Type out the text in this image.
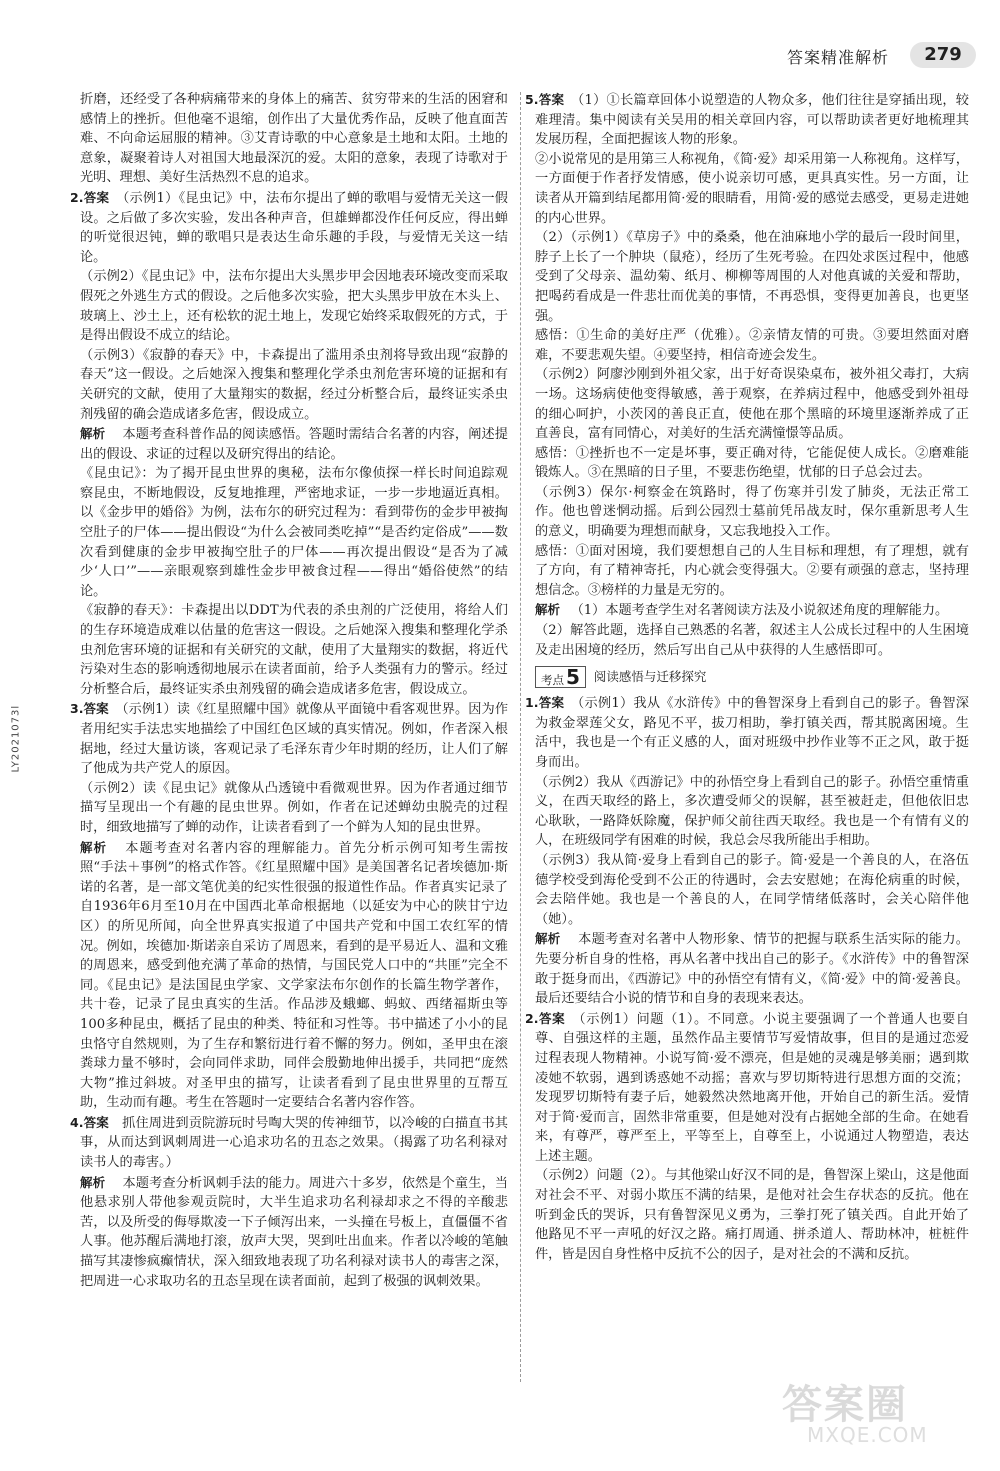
答案精准解析	279
LY2021073l

折磨，还经受了各种病痛带来的身体上的痛苦、贫穷带来的生活的困窘和感情上的挫折。但他毫不退缩，创作出了大量优秀作品，反映了他直面苦难、不向命运屈服的精神。③艾青诗歌的中心意象是土地和太阳。土地的意象，凝聚着诗人对祖国大地最深沉的爱。太阳的意象，表现了诗歌对于光明、理想、美好生活热烈不息的追求。

2.答案　 （示例1）《昆虫记》中，法布尔提出了蝉的歌唱与爱情无关这一假设。之后做了多次实验，发出各种声音，但雄蝉都没作任何反应，得出蝉的听觉很迟钝，蝉的歌唱只是表达生命乐趣的手段，与爱情无关这一结论。

（示例2）《昆虫记》中，法布尔提出大头黑步甲会因地表环境改变而采取假死之外逃生方式的假设。之后他多次实验，把大头黑步甲放在木头上、玻璃上、沙土上，还有松软的泥土地上，发现它始终采取假死的方式，于是得出假设不成立的结论。

（示例3）《寂静的春天》中，卡森提出了滥用杀虫剂将导致出现“寂静的春天”这一假设。之后她深入搜集和整理化学杀虫剂危害环境的证据和有关研究的文献，使用了大量翔实的数据，经过分析整合后，最终证实杀虫剂残留的确会造成诸多危害，假设成立。

解析　 本题考查科普作品的阅读感悟。答题时需结合名著的内容，阐述提出的假设、求证的过程以及研究得出的结论。

《昆虫记》：为了揭开昆虫世界的奥秘，法布尔像侦探一样长时间追踪观察昆虫，不断地假设，反复地推理，严密地求证，一步一步地逼近真相。以《金步甲的婚俗》为例，法布尔的研究过程为：看到带伤的金步甲被掏空肚子的尸体——提出假设“为什么会被同类吃掉”“是否约定俗成”——数次看到健康的金步甲被掏空肚子的尸体——再次提出假设“是否为了减少‘人口’”——亲眼观察到雄性金步甲被食过程——得出“婚俗使然”的结论。

《寂静的春天》：卡森提出以DDT为代表的杀虫剂的广泛使用，将给人们的生存环境造成难以估量的危害这一假设。之后她深入搜集和整理化学杀虫剂危害环境的证据和有关研究的文献，使用了大量翔实的数据，将近代污染对生态的影响透彻地展示在读者面前，给予人类强有力的警示。经过分析整合后，最终证实杀虫剂残留的确会造成诸多危害，假设成立。

3.答案　 （示例1）读《红星照耀中国》就像从平面镜中看客观世界。因为作者用纪实手法忠实地描绘了中国红色区域的真实情况。例如，作者深入根据地，经过大量访谈，客观记录了毛泽东青少年时期的经历，让人们了解了他成为共产党人的原因。

（示例2）读《昆虫记》就像从凸透镜中看微观世界。因为作者通过细节描写呈现出一个有趣的昆虫世界。例如，作者在记述蝉幼虫脱壳的过程时，细致地描写了蝉的动作，让读者看到了一个鲜为人知的昆虫世界。

解析　 本题考查对名著内容的理解能力。首先分析示例可知考生需按照“手法＋事例”的格式作答。《红星照耀中国》是美国著名记者埃德加·斯诺的名著，是一部文笔优美的纪实性很强的报道性作品。作者真实记录了自1936年6月至10月在中国西北革命根据地（以延安为中心的陕甘宁边区）的所见所闻，向全世界真实报道了中国共产党和中国工农红军的情况。例如，埃德加·斯诺亲自采访了周恩来，看到的是平易近人、温和文雅的周恩来，感受到他充满了革命的热情，与国民党人口中的“共匪”完全不同。《昆虫记》是法国昆虫学家、文学家法布尔创作的长篇生物学著作，共十卷，记录了昆虫真实的生活。作品涉及蛾螂、蚂蚁、西绪福斯虫等100多种昆虫，概括了昆虫的种类、特征和习性等。书中描述了小小的昆虫恪守自然规则，为了生存和繁衍进行着不懈的努力。例如，圣甲虫在滚粪球力量不够时，会向同伴求助，同伴会殷勤地伸出援手，共同把“庞然大物”推过斜坡。对圣甲虫的描写，让读者看到了昆虫世界里的互帮互助，生动而有趣。考生在答题时一定要结合名著内容作答。

4.答案　 抓住周进到贡院游玩时号啕大哭的传神细节，以冷峻的白描直书其事，从而达到讽刺周进一心追求功名的丑态之效果。（揭露了功名利禄对读书人的毒害。）

解析　 本题考查分析讽刺手法的能力。周进六十多岁，依然是个童生，当他悬求别人带他参观贡院时，大半生追求功名利禄却求之不得的辛酸悲苦，以及所受的侮辱欺凌一下子倾泻出来，一头撞在号板上，直僵僵不省人事。他苏醒后满地打滚，放声大哭，哭到吐出血来。作者以冷峻的笔触描写其凄惨疯癫情状，深入细致地表现了功名利禄对读书人的毒害之深，把周进一心求取功名的丑态呈现在读者面前，起到了极强的讽刺效果。

5.答案　 （1）①长篇章回体小说塑造的人物众多，他们往往是穿插出现，较难理清。集中阅读有关吴用的相关章回内容，可以帮助读者更好地梳理其发展历程，全面把握该人物的形象。

②小说常见的是用第三人称视角，《简·爱》却采用第一人称视角。这样写，一方面便于作者抒发情感，使小说亲切可感，更具真实性。另一方面，让读者从开篇到结尾都用简·爱的眼睛看，用简·爱的感觉去感受，更易走进她的内心世界。

（2）（示例1）《草房子》中的桑桑，他在油麻地小学的最后一段时间里，脖子上长了一个肿块（鼠疮），经历了生死考验。在四处求医过程中，他感受到了父母亲、温幼菊、纸月、柳柳等周围的人对他真诚的关爱和帮助，把喝药看成是一件悲壮而优美的事情，不再恐惧，变得更加善良，也更坚强。

感悟：①生命的美好庄严（优雅）。②亲情友情的可贵。③要坦然面对磨难，不要悲观失望。④要坚持，相信奇迹会发生。

（示例2）阿廖沙刚到外祖父家，出于好奇误染桌布，被外祖父毒打，大病一场。这场病使他变得敏感，善于观察，在养病过程中，他感受到外祖母的细心呵护，小茨冈的善良正直，使他在那个黑暗的环境里逐渐养成了正直善良，富有同情心，对美好的生活充满憧憬等品质。

感悟：①挫折也不一定是坏事，要正确对待，它能促使人成长。②磨难能锻炼人。③在黑暗的日子里，不要悲伤绝望，忧郁的日子总会过去。

（示例3）保尔·柯察金在筑路时，得了伤寒并引发了肺炎，无法正常工作。他也曾迷惘动摇。后到公园烈士墓前凭吊战友时，保尔重新思考人生的意义，明确要为理想而献身，又忘我地投入工作。

感悟：①面对困境，我们要想想自己的人生目标和理想，有了理想，就有了方向，有了精神寄托，内心就会变得强大。②要有顽强的意志，坚持理想信念。③榜样的力量是无穷的。

解析　 （1）本题考查学生对名著阅读方法及小说叙述角度的理解能力。

（2）解答此题，选择自己熟悉的名著，叙述主人公成长过程中的人生困境及走出困境的经历，然后写出自己从中获得的人生感悟即可。

考点 5 阅读感悟与迁移探究

1.答案　 （示例1）我从《水浒传》中的鲁智深身上看到自己的影子。鲁智深为救金翠莲父女，路见不平，拔刀相助，拳打镇关西，帮其脱离困境。生活中，我也是一个有正义感的人，面对班级中抄作业等不正之风，敢于挺身而出。

（示例2）我从《西游记》中的孙悟空身上看到自己的影子。孙悟空重情重义，在西天取经的路上，多次遭受师父的误解，甚至被赶走，但他依旧忠心耿耿，一路降妖除魔，保护师父前往西天取经。我也是一个有情有义的人，在班级同学有困难的时候，我总会尽我所能出手相助。

（示例3）我从简·爱身上看到自己的影子。简·爱是一个善良的人，在洛伍德学校受到海伦受到不公正的待遇时，会去安慰她；在海伦病重的时候，会去陪伴她。我也是一个善良的人，在同学情绪低落时，会关心陪伴他（她）。

解析　 本题考查对名著中人物形象、情节的把握与联系生活实际的能力。先要分析自身的性格，再从名著中找出自己的影子。《水浒传》中的鲁智深敢于挺身而出，《西游记》中的孙悟空有情有义，《简·爱》中的简·爱善良。最后还要结合小说的情节和自身的表现来表达。

2.答案　 （示例1）问题（1）。不同意。小说主要强调了一个普通人也要自尊、自强这样的主题，虽然作品主要情节写爱情故事，但目的是通过恋爱过程表现人物精神。小说写简·爱不漂亮，但是她的灵魂是够美丽；遇到欺凌她不软弱，遇到诱惑她不动摇；喜欢与罗切斯特进行思想方面的交流；发现罗切斯特有妻子后，她毅然决然地离开他，开始自己的新生活。爱情对于简·爱而言，固然非常重要，但是她对没有占据她全部的生命。在她看来，有尊严，尊严至上，平等至上，自尊至上，小说通过人物塑造，表达上述主题。

（示例2）问题（2）。与其他梁山好汉不同的是，鲁智深上梁山，这是他面对社会不平、对弱小欺压不满的结果，是他对社会生存状态的反抗。他在听到金氏的哭诉，只有鲁智深见义勇为，三拳打死了镇关西。自此开始了他路见不平一声吼的好汉之路。痛打周通、拼杀道人、帮助林冲，桩桩件件，皆是因自身性格中反抗不公的因子，是对社会的不满和反抗。

答案圈
MXQE.COM
